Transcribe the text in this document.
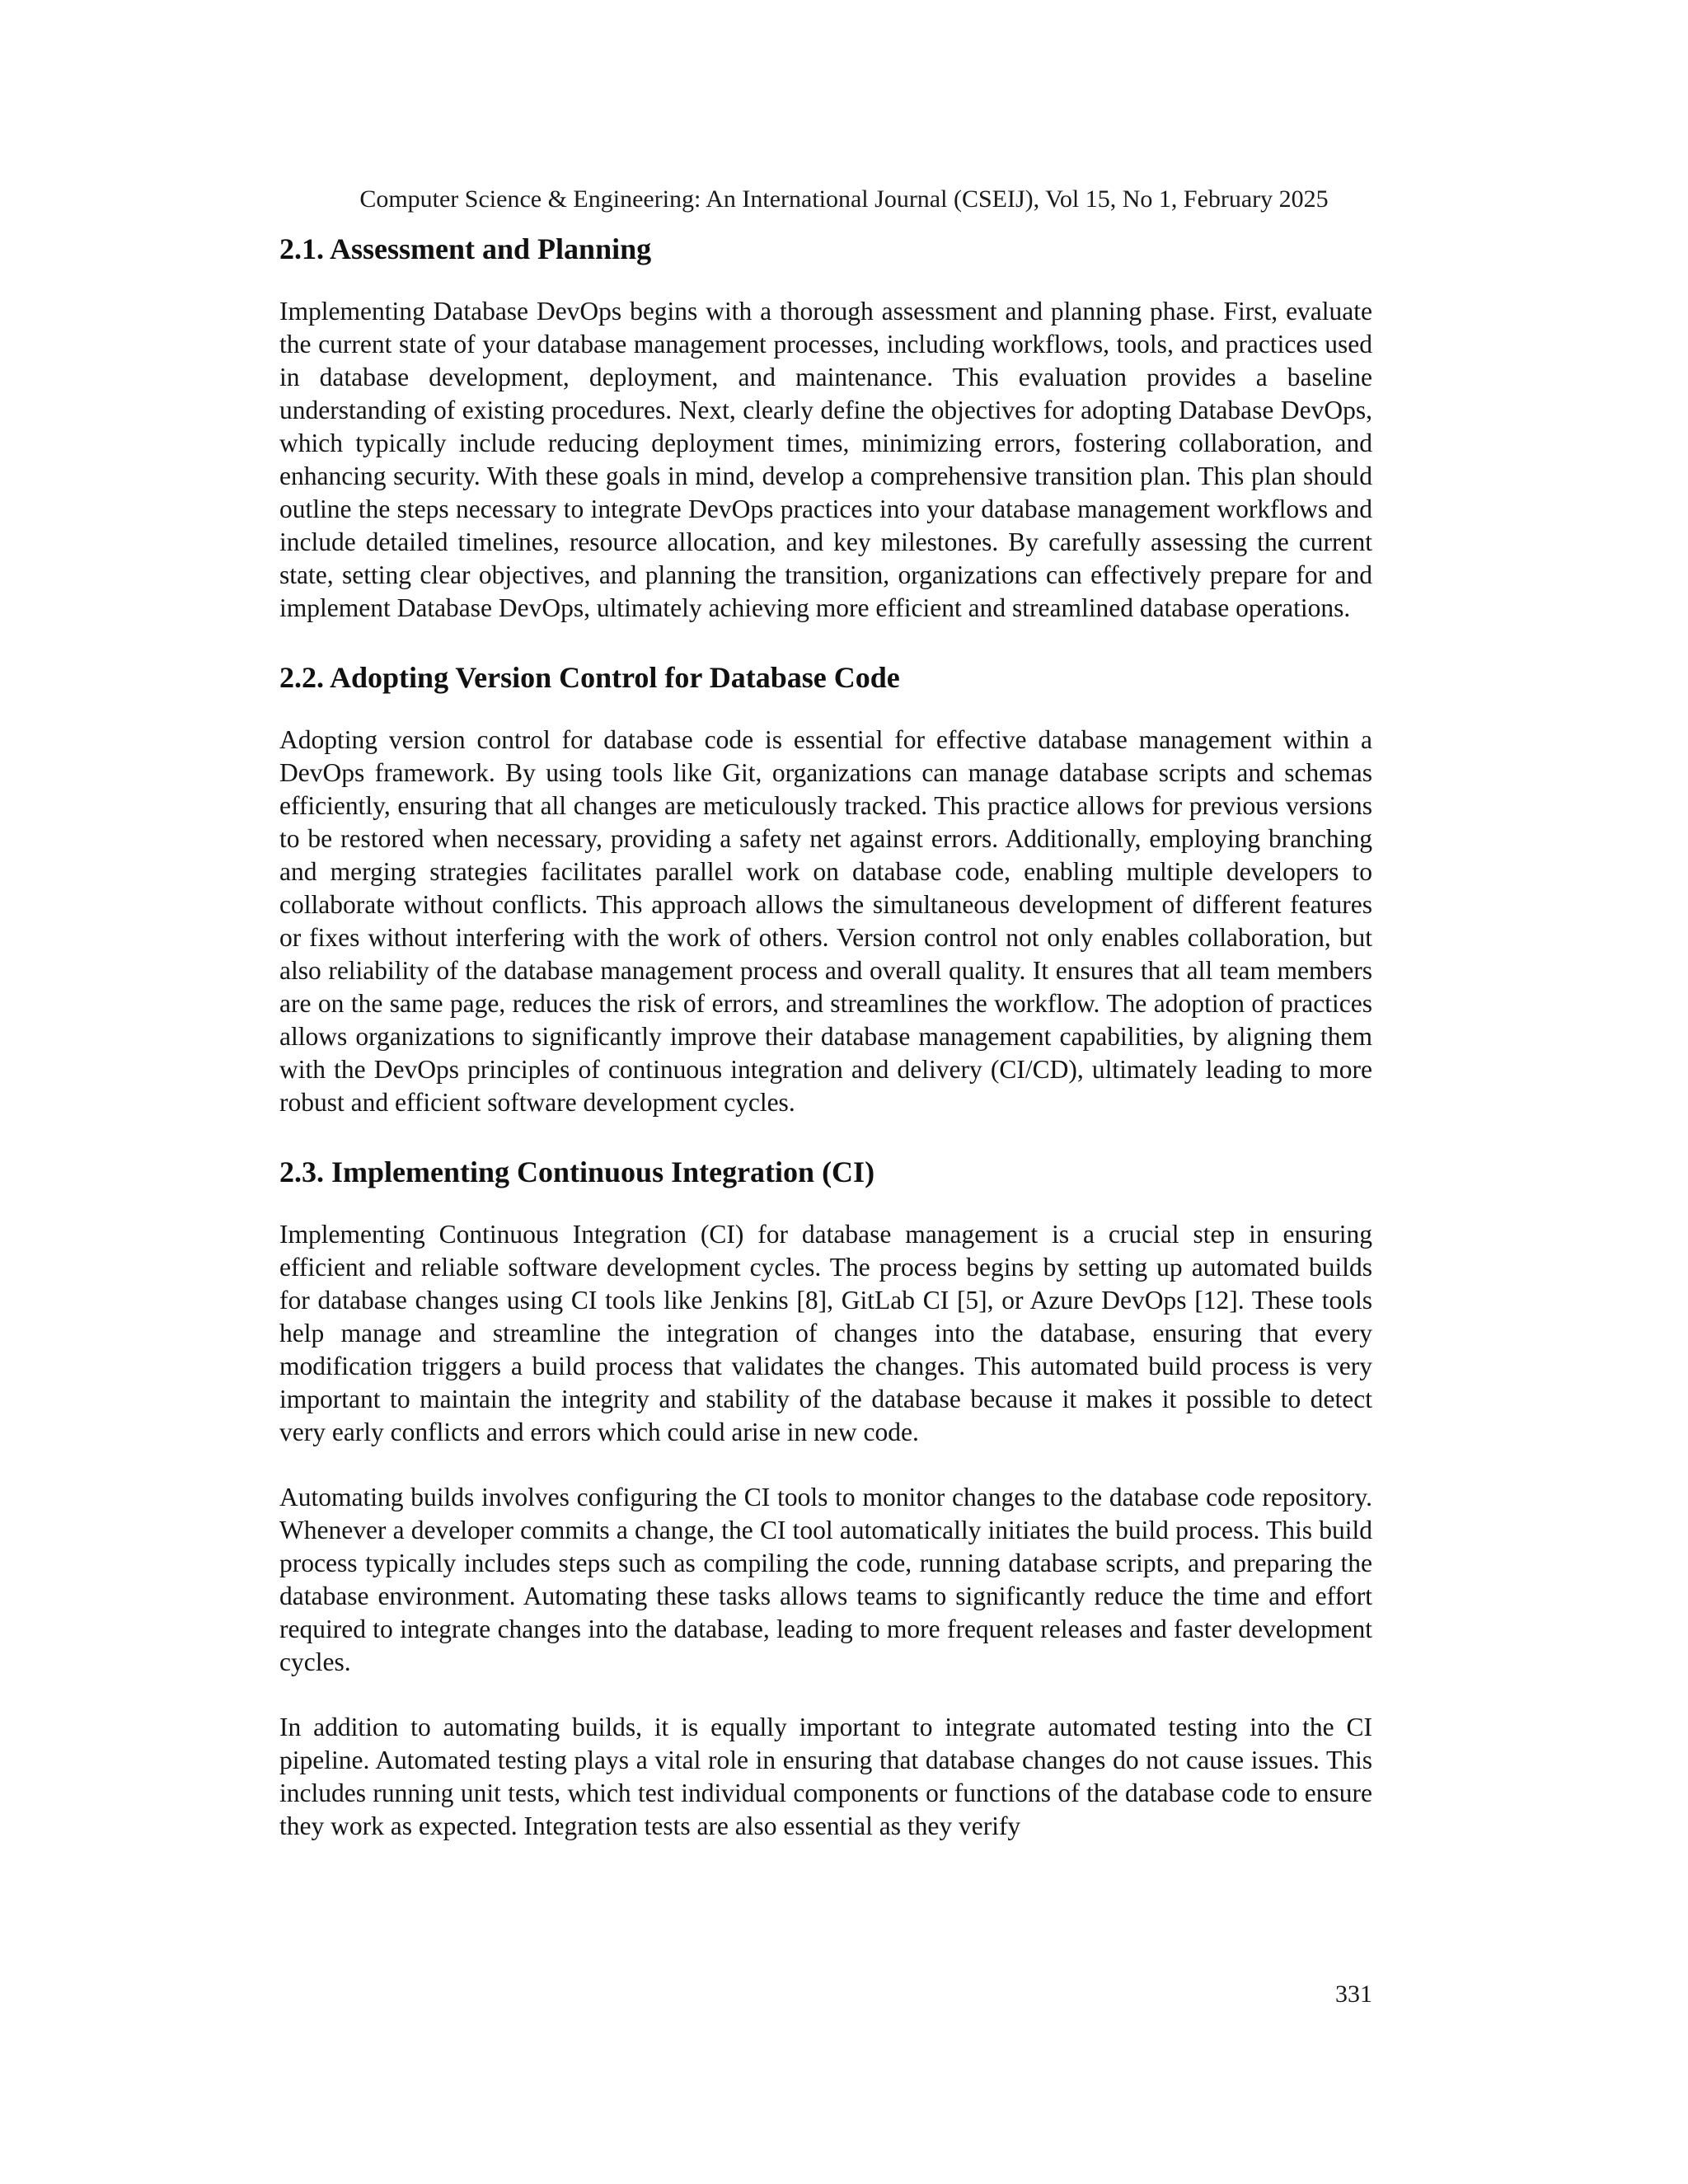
Computer Science & Engineering: An International Journal (CSEIJ), Vol 15, No 1, February 2025
2.1. Assessment and Planning

Implementing Database DevOps begins with a thorough assessment and planning phase. First, evaluate the current state of your database management processes, including workflows, tools, and practices used in database development, deployment, and maintenance. This evaluation provides a baseline understanding of existing procedures. Next, clearly define the objectives for adopting Database DevOps, which typically include reducing deployment times, minimizing errors, fostering collaboration, and enhancing security. With these goals in mind, develop a comprehensive transition plan. This plan should outline the steps necessary to integrate DevOps practices into your database management workflows and include detailed timelines, resource allocation, and key milestones. By carefully assessing the current state, setting clear objectives, and planning the transition, organizations can effectively prepare for and implement Database DevOps, ultimately achieving more efficient and streamlined database operations.

2.2. Adopting Version Control for Database Code

Adopting version control for database code is essential for effective database management within a DevOps framework. By using tools like Git, organizations can manage database scripts and schemas efficiently, ensuring that all changes are meticulously tracked. This practice allows for previous versions to be restored when necessary, providing a safety net against errors. Additionally, employing branching and merging strategies facilitates parallel work on database code, enabling multiple developers to collaborate without conflicts. This approach allows the simultaneous development of different features or fixes without interfering with the work of others. Version control not only enables collaboration, but also reliability of the database management process and overall quality. It ensures that all team members are on the same page, reduces the risk of errors, and streamlines the workflow. The adoption of practices allows organizations to significantly improve their database management capabilities, by aligning them with the DevOps principles of continuous integration and delivery (CI/CD), ultimately leading to more robust and efficient software development cycles.

2.3. Implementing Continuous Integration (CI)

Implementing Continuous Integration (CI) for database management is a crucial step in ensuring efficient and reliable software development cycles. The process begins by setting up automated builds for database changes using CI tools like Jenkins [8], GitLab CI [5], or Azure DevOps [12]. These tools help manage and streamline the integration of changes into the database, ensuring that every modification triggers a build process that validates the changes. This automated build process is very important to maintain the integrity and stability of the database because it makes it possible to detect very early conflicts and errors which could arise in new code.

Automating builds involves configuring the CI tools to monitor changes to the database code repository. Whenever a developer commits a change, the CI tool automatically initiates the build process. This build process typically includes steps such as compiling the code, running database scripts, and preparing the database environment. Automating these tasks allows teams to significantly reduce the time and effort required to integrate changes into the database, leading to more frequent releases and faster development cycles.

In addition to automating builds, it is equally important to integrate automated testing into the CI pipeline. Automated testing plays a vital role in ensuring that database changes do not cause issues. This includes running unit tests, which test individual components or functions of the database code to ensure they work as expected. Integration tests are also essential as they verify

331
